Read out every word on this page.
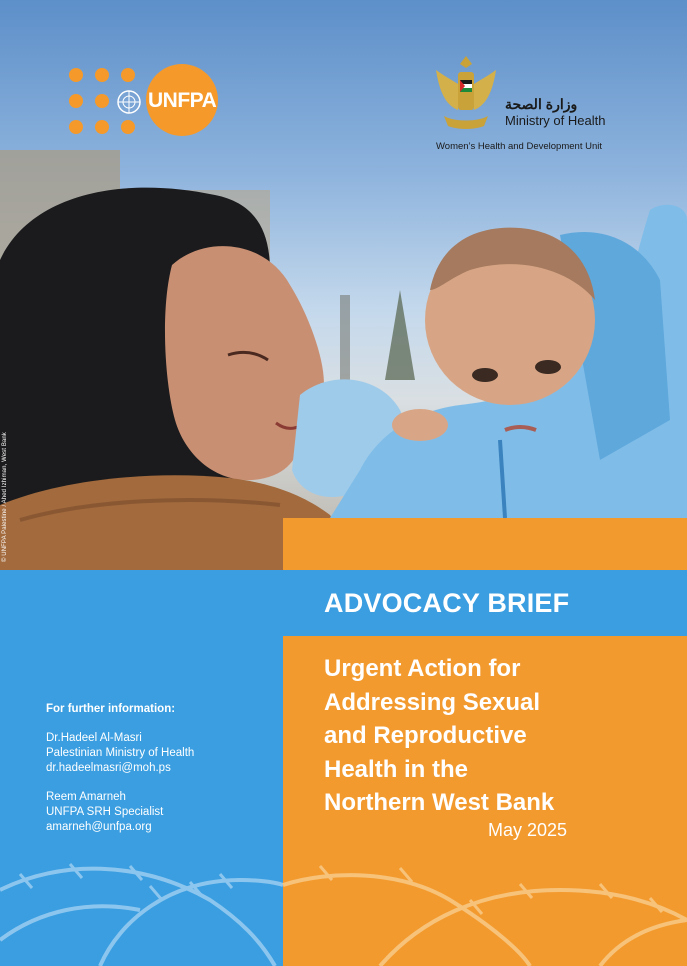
© UNFPA Palestine / Ahed Izhiman, West Bank
UNFPA	وزارة الصحة
Ministry of Health
Women’s Health and Development Unit
ADVOCACY BRIEF
Urgent Action for
Addressing Sexual
and Reproductive
Health in the
Northern West Bank
May 2025
For further information:
Dr.Hadeel Al-Masri
Palestinian Ministry of Health
dr.hadeelmasri@moh.ps
Reem Amarneh
UNFPA SRH Specialist
amarneh@unfpa.org
